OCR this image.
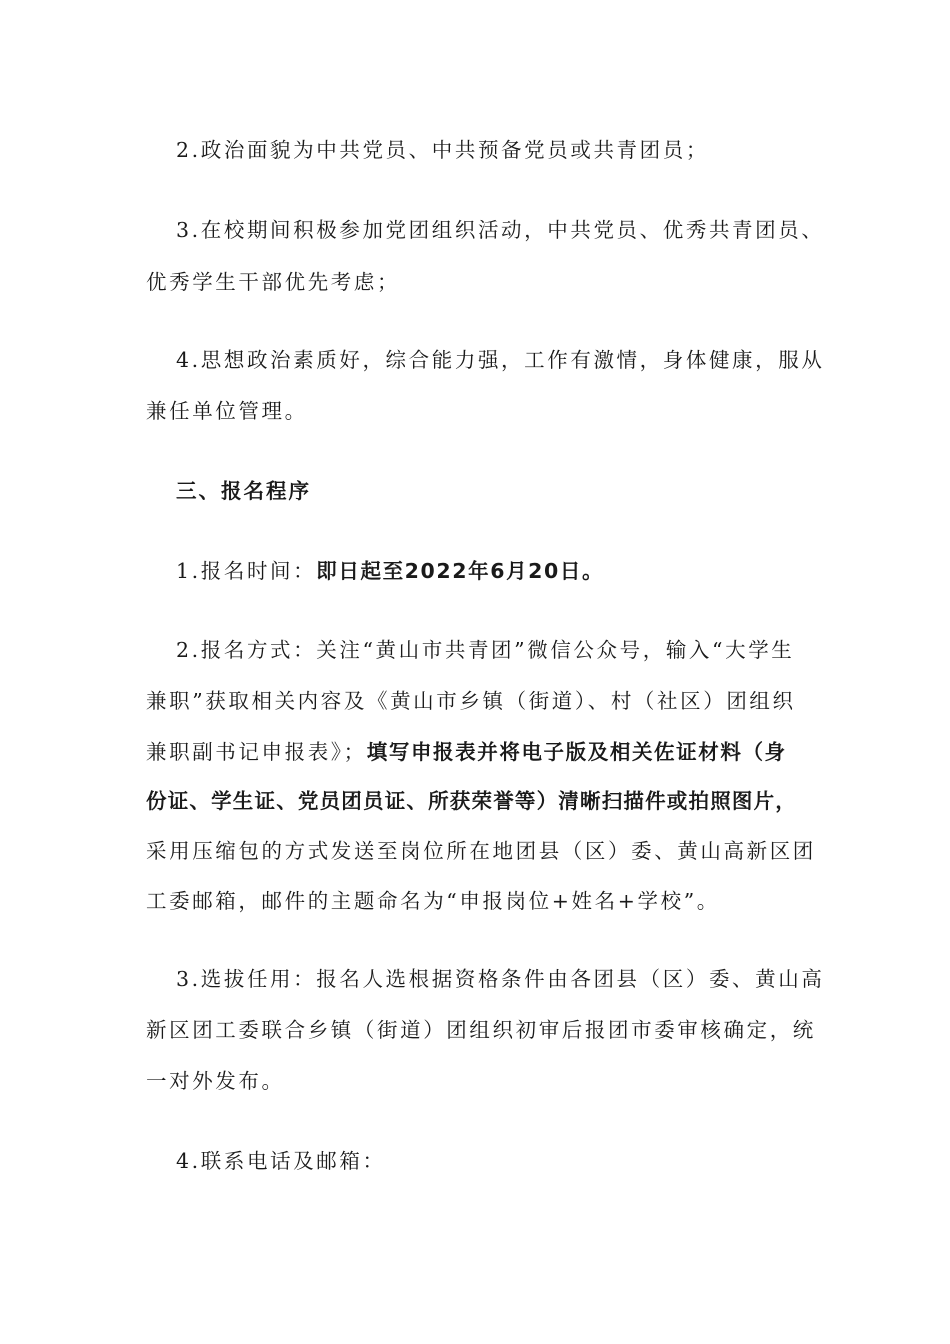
2.政治面貌为中共党员、中共预备党员或共青团员；
3.在校期间积极参加党团组织活动，中共党员、优秀共青团员、
优秀学生干部优先考虑；
4.思想政治素质好，综合能力强，工作有激情，身体健康，服从
兼任单位管理。
三、报名程序
1.报名时间：即日起至2022年6月20日。
2.报名方式：关注“黄山市共青团”微信公众号，输入“大学生
兼职”获取相关内容及《黄山市乡镇（街道）、村（社区）团组织
兼职副书记申报表》；填写申报表并将电子版及相关佐证材料（身
份证、学生证、党员团员证、所获荣誉等）清晰扫描件或拍照图片，
采用压缩包的方式发送至岗位所在地团县（区）委、黄山高新区团
工委邮箱，邮件的主题命名为“申报岗位+姓名+学校”。
3.选拔任用：报名人选根据资格条件由各团县（区）委、黄山高
新区团工委联合乡镇（街道）团组织初审后报团市委审核确定，统
一对外发布。
4.联系电话及邮箱：
